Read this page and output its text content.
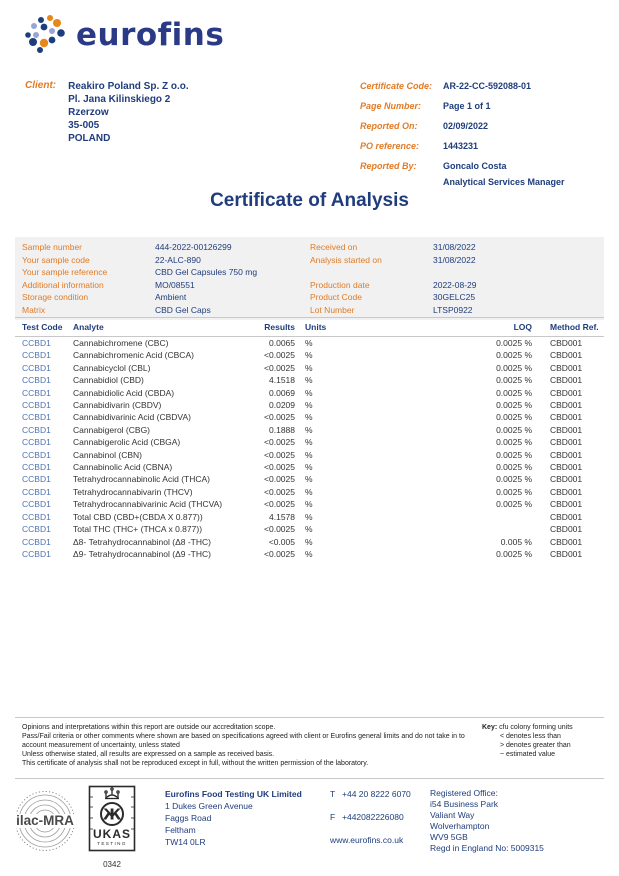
eurofins
Client: Reakiro Poland Sp. Z o.o.
Pl. Jana Kilinskiego 2
Rzerzow
35-005
POLAND
Certificate Code:	AR-22-CC-592088-01
Page Number:	Page 1 of 1
Reported On:	02/09/2022
PO reference:	1443231
Reported By:	Goncalo Costa
Analytical Services Manager
Certificate of Analysis
Sample number	444-2022-00126299	Received on	31/08/2022
Your sample code	22-ALC-890	Analysis started on	31/08/2022
Your sample reference	CBD Gel Capsules 750 mg
Additional information	MO/08551	Production date	2022-08-29
Storage condition	Ambient	Product Code	30GELC25
Matrix	CBD Gel Caps	Lot Number	LTSP0922
Test Code	Analyte	Results	Units	LOQ	Method Ref.
CCBD1	Cannabichromene (CBC)	0.0065	%	0.0025 %	CBD001
CCBD1	Cannabichromenic Acid (CBCA)	<0.0025	%	0.0025 %	CBD001
CCBD1	Cannabicyclol (CBL)	<0.0025	%	0.0025 %	CBD001
CCBD1	Cannabidiol (CBD)	4.1518	%	0.0025 %	CBD001
CCBD1	Cannabidiolic Acid (CBDA)	0.0069	%	0.0025 %	CBD001
CCBD1	Cannabidivarin (CBDV)	0.0209	%	0.0025 %	CBD001
CCBD1	Cannabidivarinic Acid (CBDVA)	<0.0025	%	0.0025 %	CBD001
CCBD1	Cannabigerol (CBG)	0.1888	%	0.0025 %	CBD001
CCBD1	Cannabigerolic Acid (CBGA)	<0.0025	%	0.0025 %	CBD001
CCBD1	Cannabinol (CBN)	<0.0025	%	0.0025 %	CBD001
CCBD1	Cannabinolic Acid (CBNA)	<0.0025	%	0.0025 %	CBD001
CCBD1	Tetrahydrocannabinolic Acid (THCA)	<0.0025	%	0.0025 %	CBD001
CCBD1	Tetrahydrocannabivarin (THCV)	<0.0025	%	0.0025 %	CBD001
CCBD1	Tetrahydrocannabivarinic Acid (THCVA)	<0.0025	%	0.0025 %	CBD001
CCBD1	Total CBD (CBD+(CBDA X 0.877))	4.1578	%		CBD001
CCBD1	Total THC (THC+ (THCA x 0.877))	<0.0025	%		CBD001
CCBD1	Δ8- Tetrahydrocannabinol (Δ8 -THC)	<0.005	%	0.005 %	CBD001
CCBD1	Δ9- Tetrahydrocannabinol (Δ9 -THC)	<0.0025	%	0.0025 %	CBD001
Opinions and interpretations within this report are outside our accreditation scope.
Pass/Fail criteria or other comments where shown are based on specifications agreed with client or Eurofins general limits and do not take in to account measurement of uncertainty, unless stated
Unless otherwise stated, all results are expressed on a sample as received basis.
This certificate of analysis shall not be reproduced except in full, without the written permission of the laboratory.
Key: cfu colony forming units
< denotes less than
> denotes greater than
~ estimated value
ilac-MRA Ж
UKAS
TESTING
0342
Eurofins Food Testing UK Limited
1 Dukes Green Avenue
Faggs Road
Feltham
TW14 0LR
T +44 20 8222 6070
F +442082226080
www.eurofins.co.uk
Registered Office:
i54 Business Park
Valiant Way
Wolverhampton
WV9 5GB
Regd in England No: 5009315
